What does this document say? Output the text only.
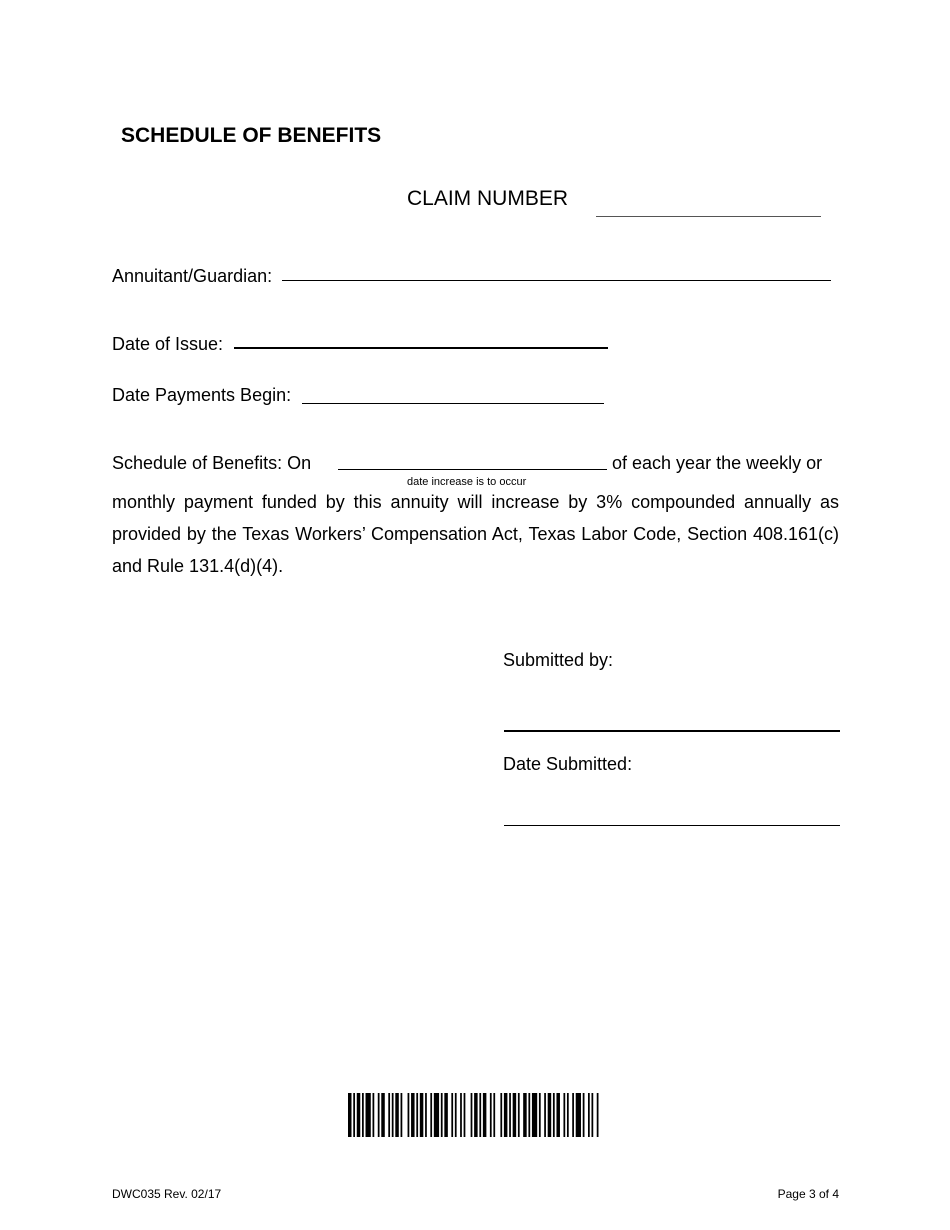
SCHEDULE OF BENEFITS
CLAIM NUMBER
Annuitant/Guardian:
Date of Issue:
Date Payments Begin:
Schedule of Benefits: On	of each year the weekly or
date increase is to occur
monthly payment funded by this annuity will increase by 3% compounded annually as provided by the Texas Workers’ Compensation Act, Texas Labor Code, Section 408.161(c) and Rule 131.4(d)(4).
Submitted by:
Date Submitted:
DWC035 Rev. 02/17	Page 3 of 4
